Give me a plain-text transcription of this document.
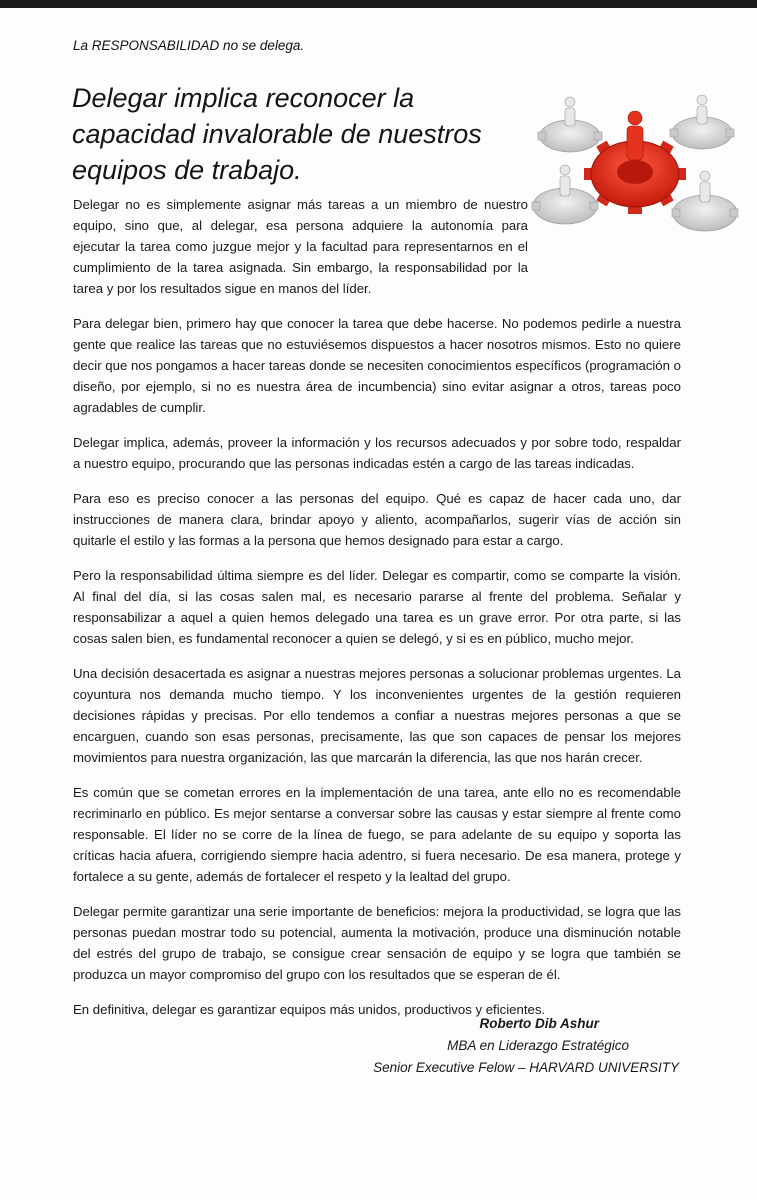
La RESPONSABILIDAD no se delega.
Delegar implica reconocer la capacidad invalorable de nuestros equipos de trabajo.

Delegar no es simplemente asignar más tareas a un miembro de nuestro equipo, sino que, al delegar, esa persona adquiere la autonomía para ejecutar la tarea como juzgue mejor y la facultad para representarnos en el cumplimiento de la tarea asignada. Sin embargo, la responsabilidad por la tarea y por los resultados sigue en manos del líder.

Para delegar bien, primero hay que conocer la tarea que debe hacerse. No podemos pedirle a nuestra gente que realice las tareas que no estuviésemos dispuestos a hacer nosotros mismos. Esto no quiere decir que nos pongamos a hacer tareas donde se necesiten conocimientos específicos (programación o diseño, por ejemplo, si no es nuestra área de incumbencia) sino evitar asignar a otros, tareas poco agradables de cumplir.

Delegar implica, además, proveer la información y los recursos adecuados y por sobre todo, respaldar a nuestro equipo, procurando que las personas indicadas estén a cargo de las tareas indicadas.

Para eso es preciso conocer a las personas del equipo. Qué es capaz de hacer cada uno, dar instrucciones de manera clara, brindar apoyo y aliento, acompañarlos, sugerir vías de acción sin quitarle el estilo y las formas a la persona que hemos designado para estar a cargo.

Pero la responsabilidad última siempre es del líder. Delegar es compartir, como se comparte la visión. Al final del día, si las cosas salen mal, es necesario pararse al frente del problema. Señalar y responsabilizar a aquel a quien hemos delegado una tarea es un grave error. Por otra parte, si las cosas salen bien, es fundamental reconocer a quien se delegó, y si es en público, mucho mejor.

Una decisión desacertada es asignar a nuestras mejores personas a solucionar problemas urgentes. La coyuntura nos demanda mucho tiempo. Y los inconvenientes urgentes de la gestión requieren decisiones rápidas y precisas. Por ello tendemos a confiar a nuestras mejores personas a que se encarguen, cuando son esas personas, precisamente, las que son capaces de pensar los mejores movimientos para nuestra organización, las que marcarán la diferencia, las que nos harán crecer.

Es común que se cometan errores en la implementación de una tarea, ante ello no es recomendable recriminarlo en público. Es mejor sentarse a conversar sobre las causas y estar siempre al frente como responsable. El líder no se corre de la línea de fuego, se para adelante de su equipo y soporta las críticas hacia afuera, corrigiendo siempre hacia adentro, si fuera necesario. De esa manera, protege y fortalece a su gente, además de fortalecer el respeto y la lealtad del grupo.

Delegar permite garantizar una serie importante de beneficios: mejora la productividad, se logra que las personas puedan mostrar todo su potencial, aumenta la motivación, produce una disminución notable del estrés del grupo de trabajo, se consigue crear sensación de equipo y se logra que también se produzca un mayor compromiso del grupo con los resultados que se esperan de él.

En definitiva, delegar es garantizar equipos más unidos, productivos y eficientes.

Roberto Dib Ashur
MBA en Liderazgo Estratégico
Senior Executive Felow – HARVARD UNIVERSITY
